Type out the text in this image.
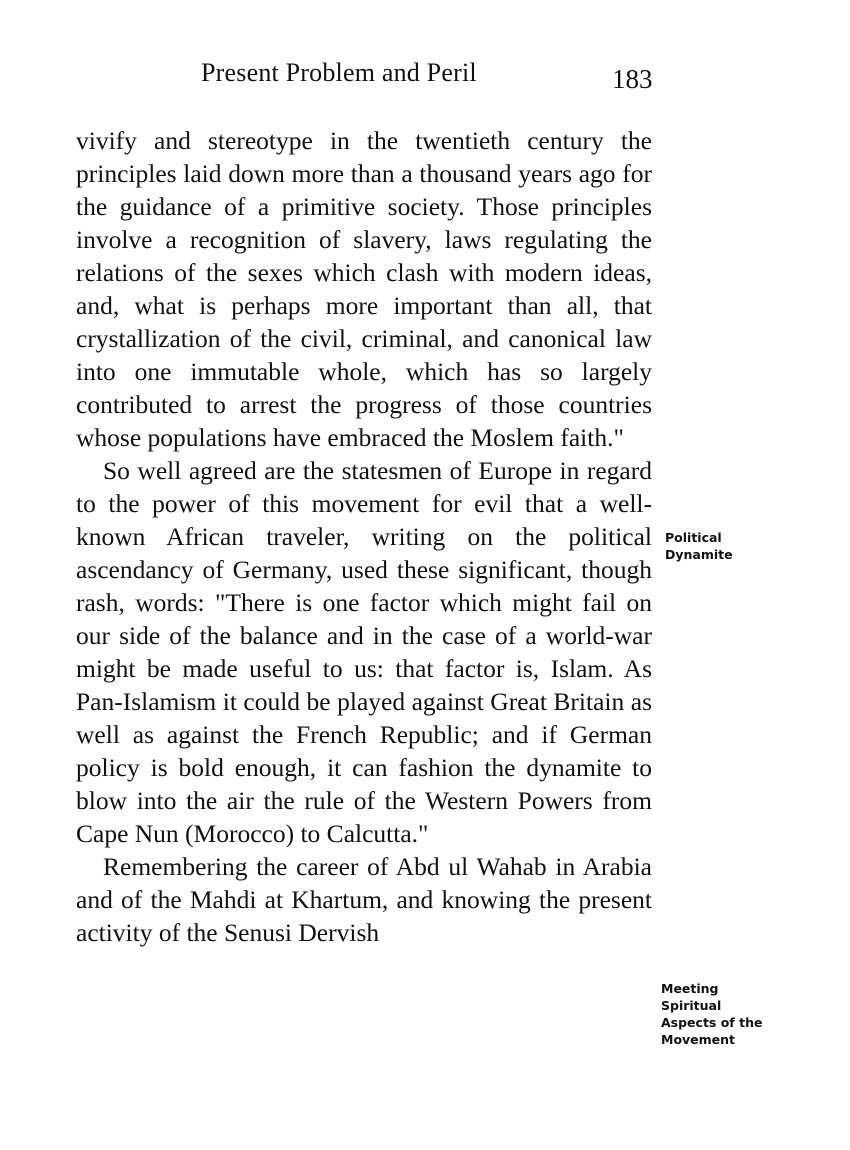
Present Problem and Peril	183

vivify and stereotype in the twentieth century the principles laid down more than a thousand years ago for the guidance of a primitive society. Those principles involve a recognition of slavery, laws regulating the relations of the sexes which clash with modern ideas, and, what is perhaps more important than all, that crystallization of the civil, criminal, and canonical law into one immutable whole, which has so largely contributed to arrest the progress of those countries whose populations have embraced the Moslem faith."

So well agreed are the statesmen of Europe in regard to the power of this movement for evil that a well-known African traveler, writing on the political ascendancy of Germany, used these significant, though rash, words: "There is one factor which might fail on our side of the balance and in the case of a world-war might be made useful to us: that factor is, Islam. As Pan-Islamism it could be played against Great Britain as well as against the French Republic; and if German policy is bold enough, it can fashion the dynamite to blow into the air the rule of the Western Powers from Cape Nun (Morocco) to Calcutta."

Remembering the career of Abd ul Wahab in Arabia and of the Mahdi at Khartum, and knowing the present activity of the Senusi Dervish

Political
Dynamite
Meeting
Spiritual
Aspects of the
Movement
